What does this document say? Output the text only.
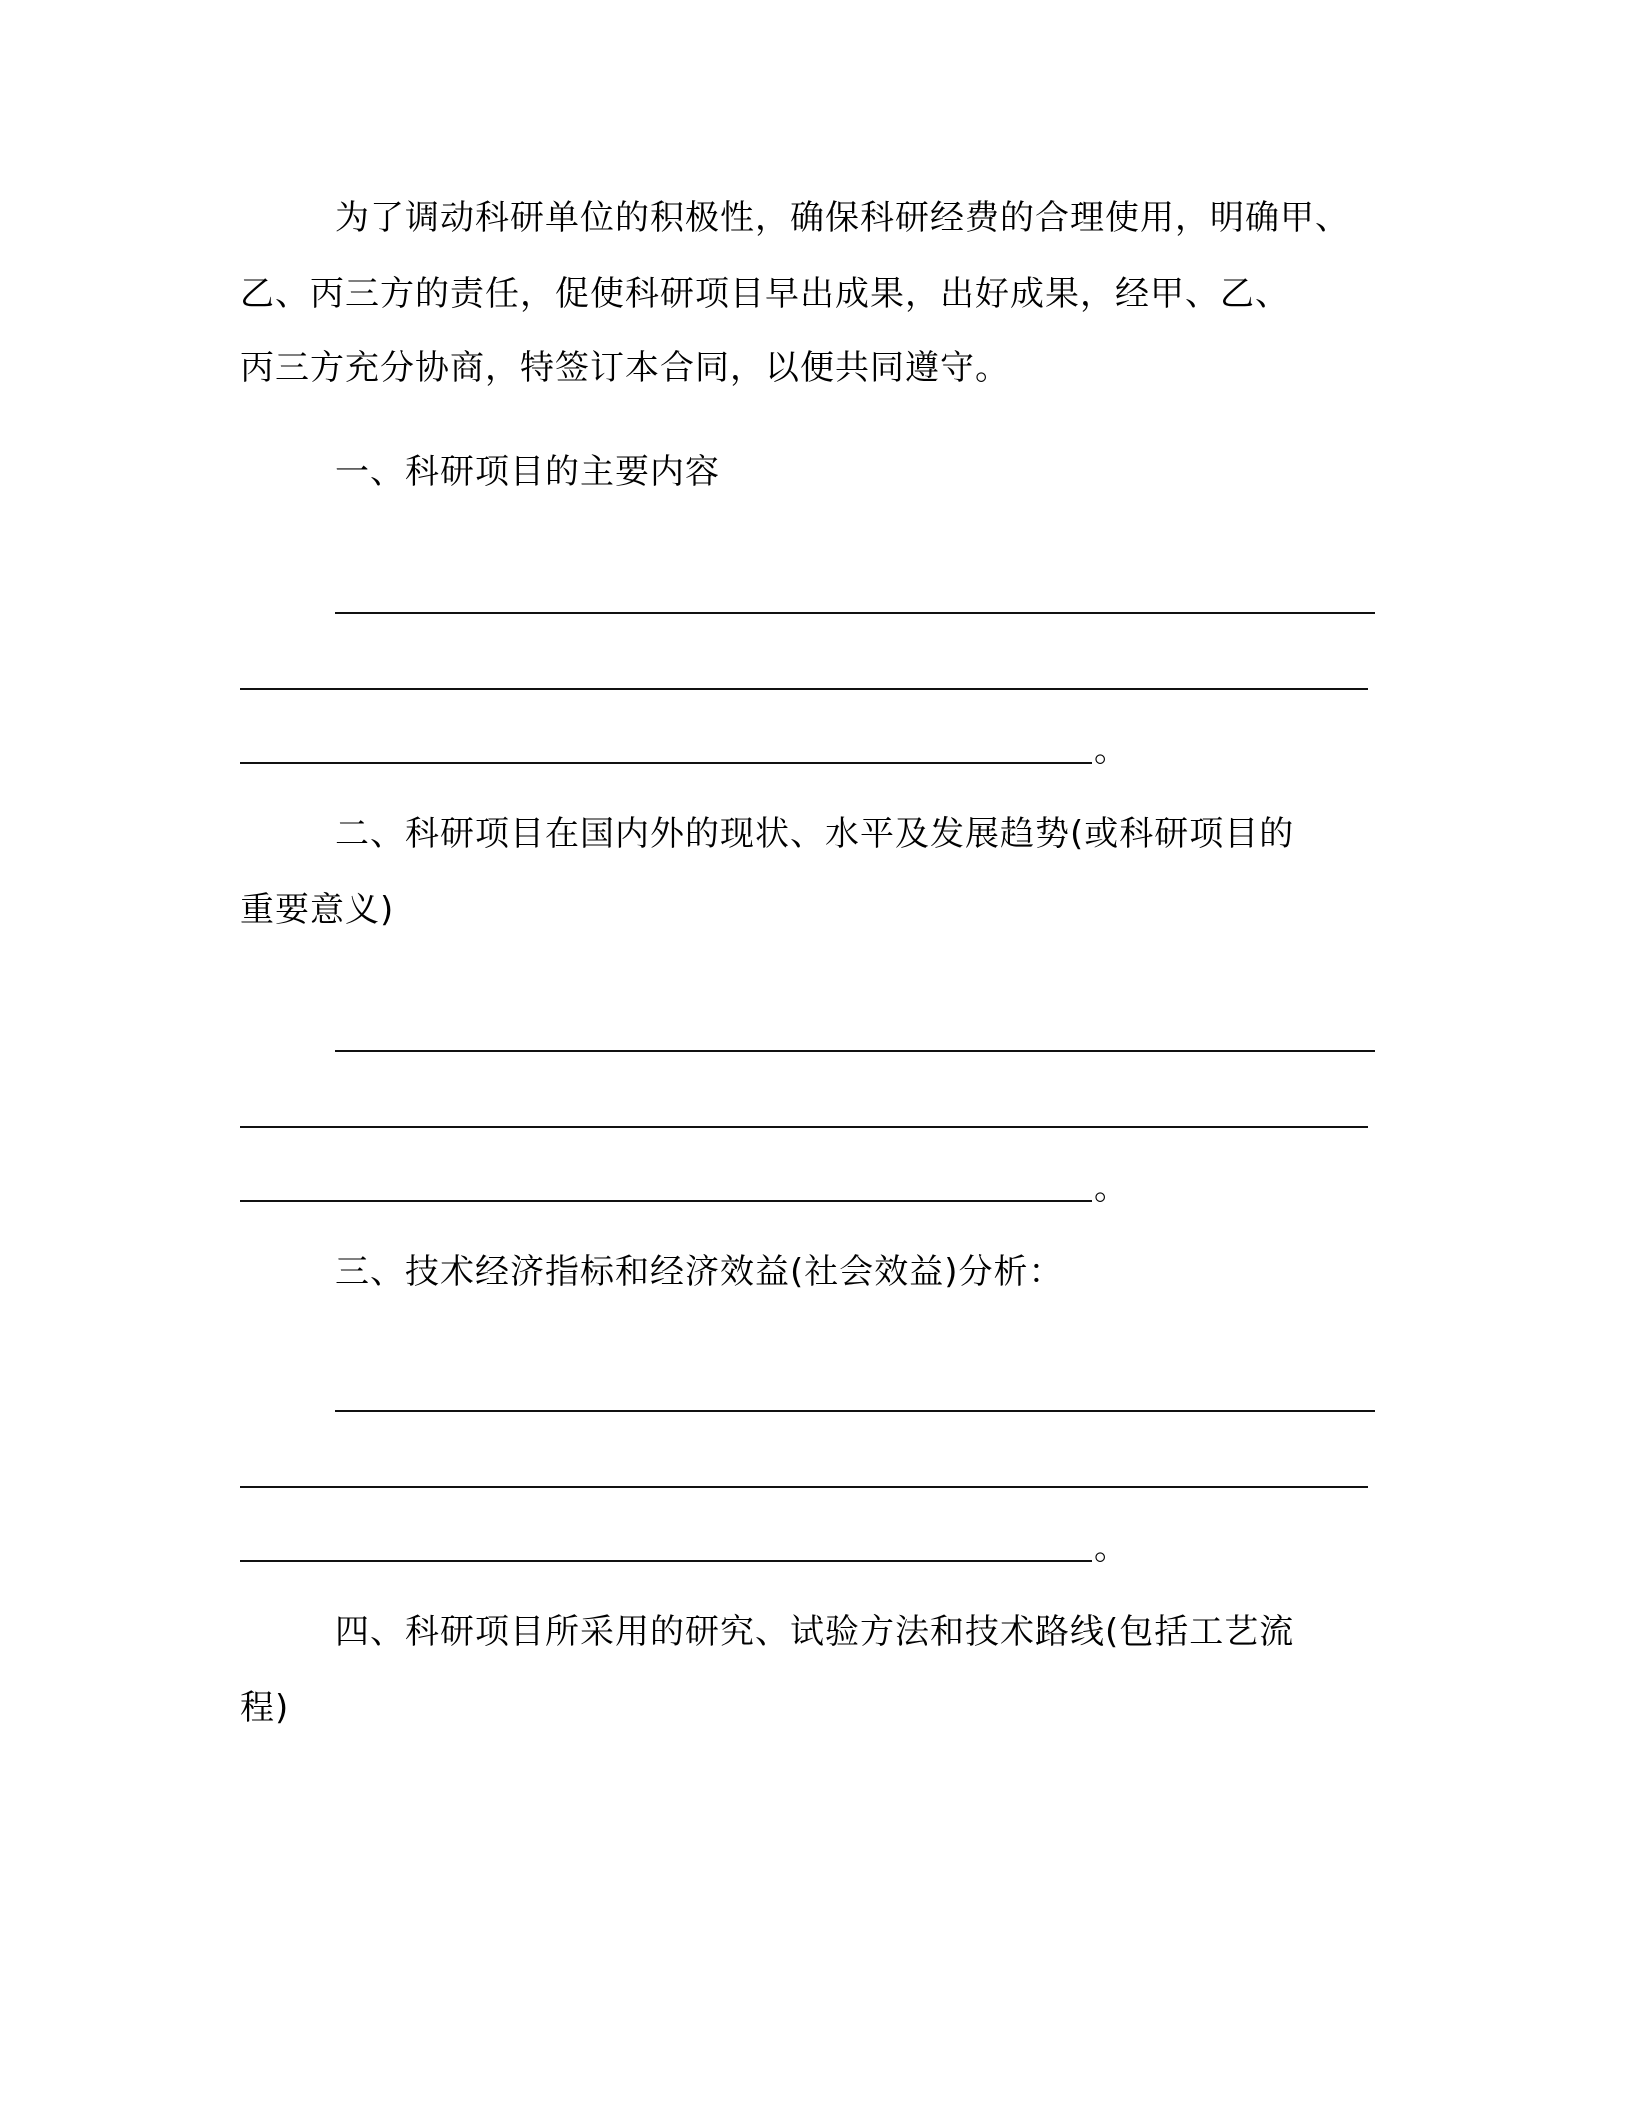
为了调动科研单位的积极性，确保科研经费的合理使用，明确甲、
乙、丙三方的责任，促使科研项目早出成果，出好成果，经甲、乙、
丙三方充分协商，特签订本合同，以便共同遵守。
一、科研项目的主要内容
。
二、科研项目在国内外的现状、水平及发展趋势(或科研项目的
重要意义)
。
三、技术经济指标和经济效益(社会效益)分析：
。
四、科研项目所采用的研究、试验方法和技术路线(包括工艺流
程)
